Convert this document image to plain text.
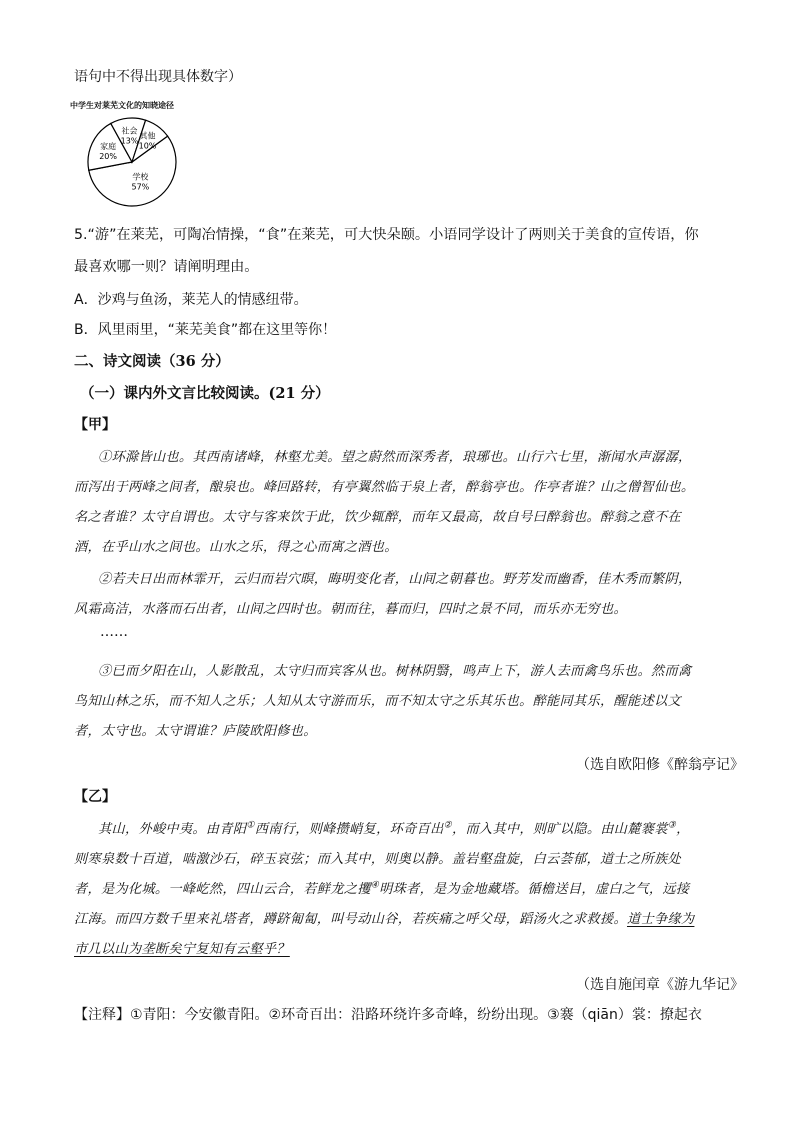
语句中不得出现具体数字）
中学生对莱芜文化的知晓途径
学校
57%
家庭
20%
社会
13%
其他
10%
5.“游”在莱芜，可陶冶情操，“食”在莱芜，可大快朵颐。小语同学设计了两则关于美食的宣传语，你
最喜欢哪一则？请阐明理由。
A．沙鸡与鱼汤，莱芜人的情感纽带。
B．风里雨里，“莱芜美食”都在这里等你！
二、诗文阅读（36 分）
（一）课内外文言比较阅读。(21 分）
【甲】
①环滁皆山也。其西南诸峰，林壑尤美。望之蔚然而深秀者，琅琊也。山行六七里，渐闻水声潺潺，
而泻出于两峰之间者，酿泉也。峰回路转，有亭翼然临于泉上者，醉翁亭也。作亭者谁？山之僧智仙也。
名之者谁？太守自谓也。太守与客来饮于此，饮少辄醉，而年又最高，故自号曰醉翁也。醉翁之意不在
酒，在乎山水之间也。山水之乐，得之心而寓之酒也。
②若夫日出而林霏开，云归而岩穴暝，晦明变化者，山间之朝暮也。野芳发而幽香，佳木秀而繁阴，
风霜高洁，水落而石出者，山间之四时也。朝而往，暮而归，四时之景不同，而乐亦无穷也。
……
③已而夕阳在山，人影散乱，太守归而宾客从也。树林阴翳，鸣声上下，游人去而禽鸟乐也。然而禽
鸟知山林之乐，而不知人之乐；人知从太守游而乐，而不知太守之乐其乐也。醉能同其乐，醒能述以文
者，太守也。太守谓谁？庐陵欧阳修也。
（选自欧阳修《醉翁亭记》
【乙】
其山，外峻中夷。由青阳①西南行，则峰攒峭复，环奇百出②，而入其中，则旷以隐。由山麓褰裳③，
则寒泉数十百道，啮激沙石，碎玉哀弦；而入其中，则奥以静。盖岩壑盘旋，白云荟郁，道士之所族处
者，是为化城。一峰屹然，四山云合，若鲜龙之攫④明珠者，是为金地藏塔。循檐送目，虚白之气，远接
江海。而四方数千里来礼塔者，蹲跻匍匐，叫号动山谷，若疾痛之呼父母，蹈汤火之求救援。道士争缘为
市几以山为垄断矣宁复知有云壑乎？
（选自施闰章《游九华记》
【注释】①青阳：今安徽青阳。②环奇百出：沿路环绕许多奇峰，纷纷出现。③褰（qiān）裳：撩起衣
